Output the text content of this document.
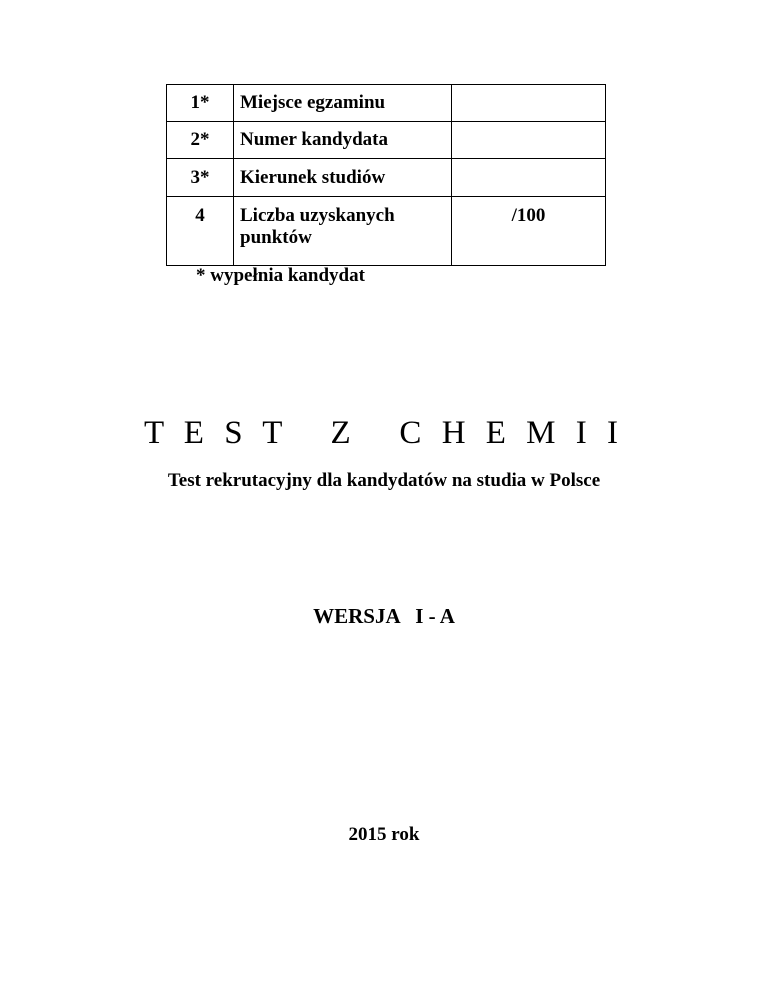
1*	Miejsce egzaminu	
2*	Numer kandydata	
3*	Kierunek studiów	
4	Liczba uzyskanych punktów	/100
* wypełnia kandydat
T E S T   Z   C H E M I I
Test rekrutacyjny dla kandydatów na studia w Polsce
WERSJA   I - A
2015 rok
